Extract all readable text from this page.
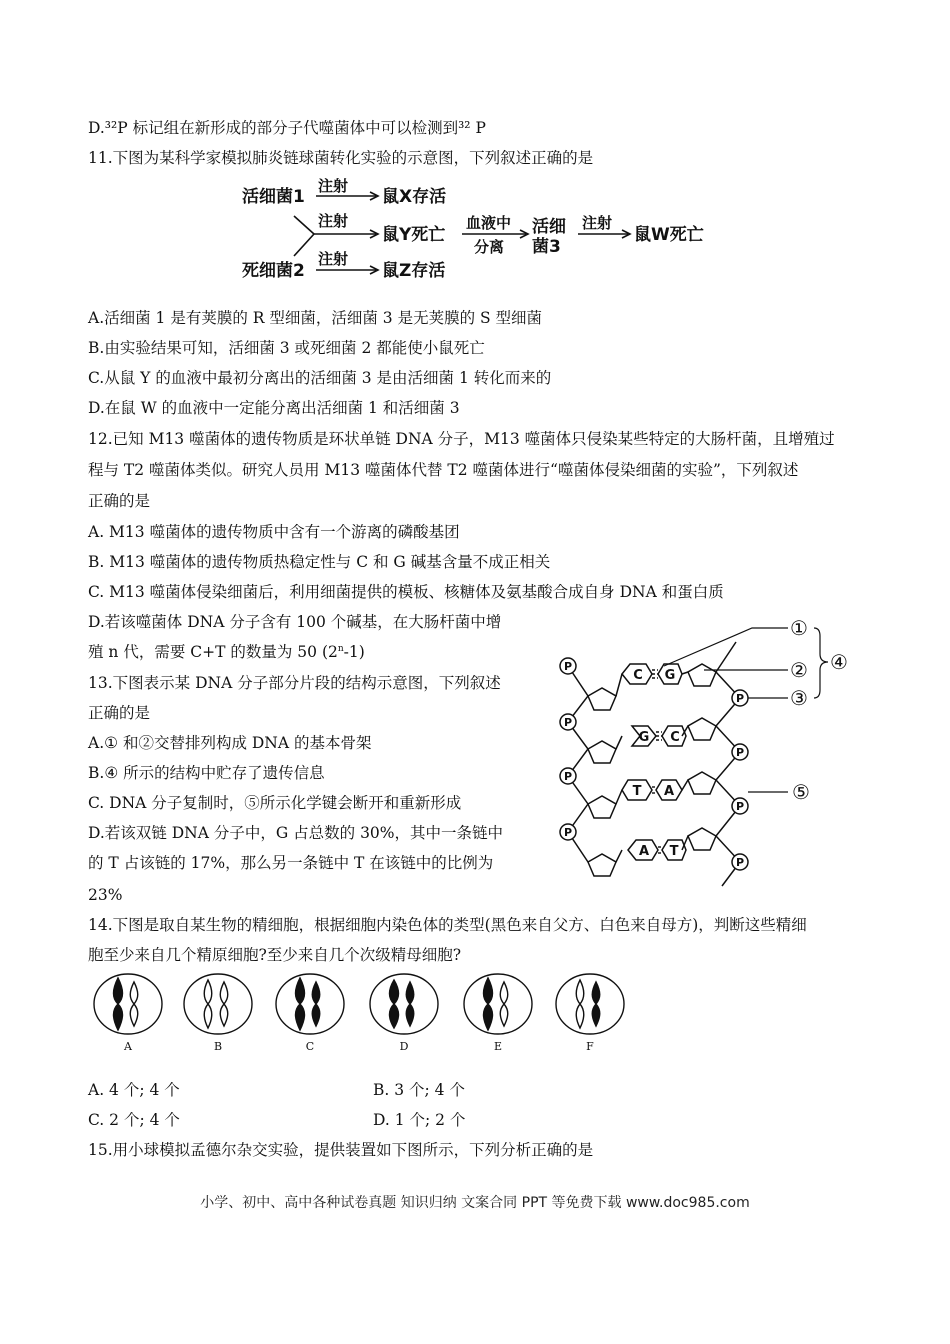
D.³²P 标记组在新形成的部分子代噬菌体中可以检测到³² P
11.下图为某科学家模拟肺炎链球菌转化实验的示意图，下列叙述正确的是
活细菌1
死细菌2
注射
注射
注射
鼠X存活
鼠Y死亡
鼠Z存活
血液中
分离
活细
菌3
注射
鼠W死亡
A.活细菌 1 是有荚膜的 R 型细菌，活细菌 3 是无荚膜的 S 型细菌
B.由实验结果可知，活细菌 3 或死细菌 2 都能使小鼠死亡
C.从鼠 Y 的血液中最初分离出的活细菌 3 是由活细菌 1 转化而来的
D.在鼠 W 的血液中一定能分离出活细菌 1 和活细菌 3
12.已知 M13 噬菌体的遗传物质是环状单链 DNA 分子，M13 噬菌体只侵染某些特定的大肠杆菌，且增殖过
程与 T2 噬菌体类似。研究人员用 M13 噬菌体代替 T2 噬菌体进行“噬菌体侵染细菌的实验”，下列叙述
正确的是
A. M13 噬菌体的遗传物质中含有一个游离的磷酸基团
B. M13 噬菌体的遗传物质热稳定性与 C 和 G 碱基含量不成正相关
C. M13 噬菌体侵染细菌后，利用细菌提供的模板、核糖体及氨基酸合成自身 DNA 和蛋白质
D.若该噬菌体 DNA 分子含有 100 个碱基，在大肠杆菌中增
殖 n 代，需要 C+T 的数量为 50 (2$^n$-1)
13.下图表示某 DNA 分子部分片段的结构示意图，下列叙述
正确的是
A.① 和②交替排列构成 DNA 的基本骨架
B.④ 所示的结构中贮存了遗传信息
C. DNA 分子复制时，⑤所示化学键会断开和重新形成
D.若该双链 DNA 分子中，G 占总数的 30%，其中一条链中
的 T 占该链的 17%，那么另一条链中 T 在该链中的比例为
23%
C G
G C
T A
A T
P
P
P
P
P
P
P
P
①
②
③
④
⑤
14.下图是取自某生物的精细胞，根据细胞内染色体的类型(黑色来自父方、白色来自母方)，判断这些精细
胞至少来自几个精原细胞?至少来自几个次级精母细胞?
A	B	C	D	E	F
A. 4 个; 4 个	B. 3 个; 4 个
C. 2 个; 4 个	D. 1 个; 2 个
15.用小球模拟孟德尔杂交实验，提供装置如下图所示，下列分析正确的是
小学、初中、高中各种试卷真题 知识归纳 文案合同 PPT 等免费下载 www.doc985.com
